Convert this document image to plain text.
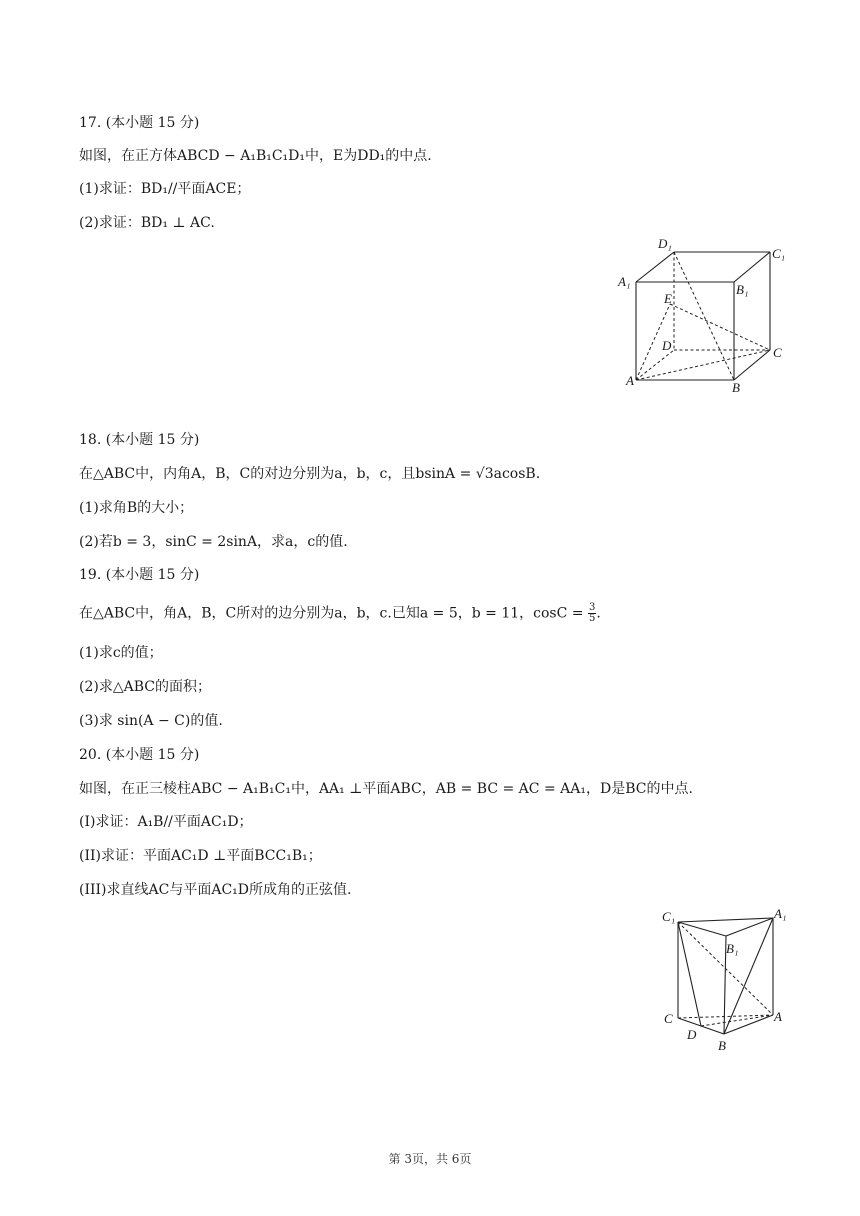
17. (本小题 15 分)
如图，在正方体ABCD − A₁B₁C₁D₁中，E为DD₁的中点.
(1)求证：BD₁//平面ACE；
(2)求证：BD₁ ⊥ AC.
D₁
C₁
A₁
B₁
E
D	C
A	B
18. (本小题 15 分)
在△ABC中，内角A，B，C的对边分别为a，b，c，且bsinA = √3acosB.
(1)求角B的大小；
(2)若b = 3，sinC = 2sinA，求a，c的值.
19. (本小题 15 分)
在△ABC中，角A，B，C所对的边分别为a，b，c.已知a = 5，b = 11，$\cos C = \frac{3}{5}$ .
(1)求c的值；
(2)求△ABC的面积；
(3)求 sin(A − C)的值.
20. (本小题 15 分)
如图，在正三棱柱ABC − A₁B₁C₁中，AA₁ ⊥平面ABC，AB = BC = AC = AA₁，D是BC的中点.
(I)求证：A₁B//平面AC₁D；
(II)求证：平面AC₁D ⊥平面BCC₁B₁；
(III)求直线AC与平面AC₁D所成角的正弦值.
C₁	A₁
B₁
C
D
A
B
第 3页，共 6页
